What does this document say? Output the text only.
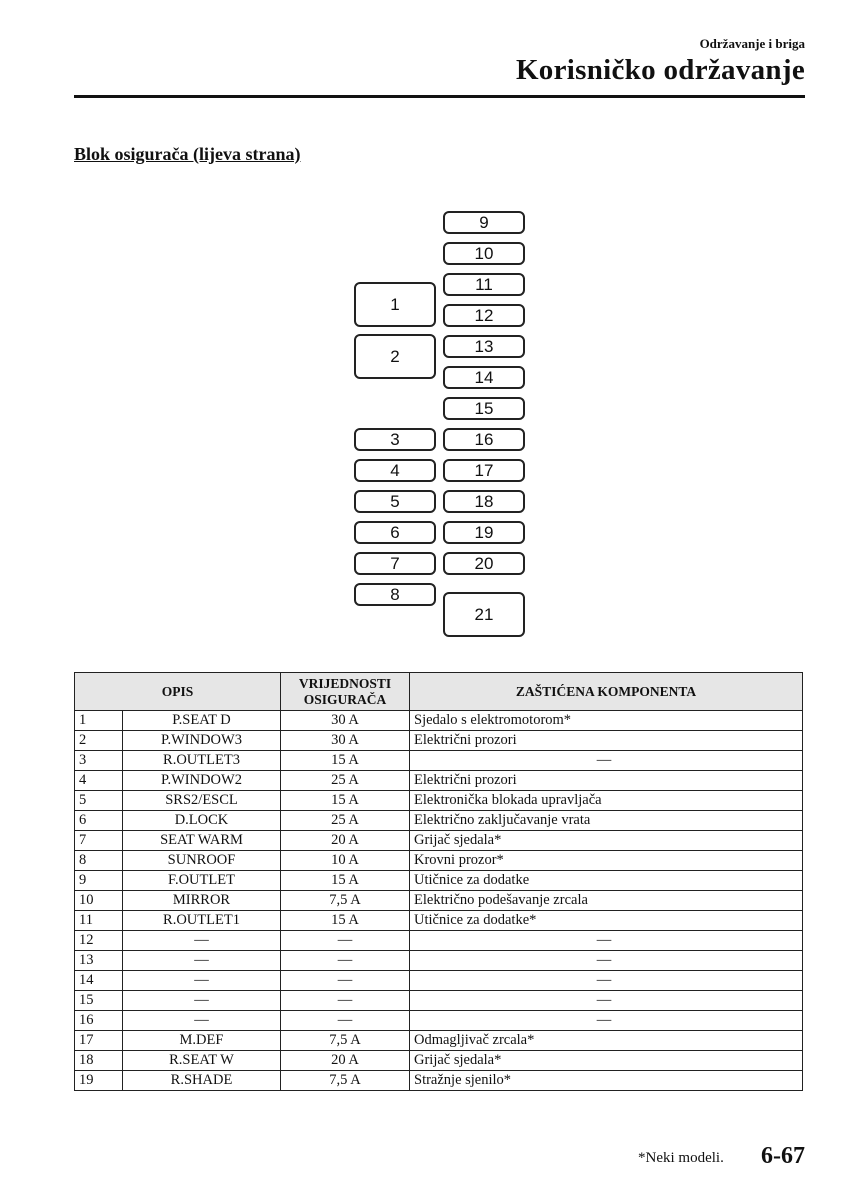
Održavanje i briga
Korisničko održavanje
Blok osigurača (lijeva strana)
1
2
3
4
5
6
7
8
9
10
11
12
13
14
15
16
17
18
19
20
21
OPIS		VRIJEDNOSTI
OSIGURAČA	ZAŠTIĆENA KOMPONENTA
1	P.SEAT D	30 A	Sjedalo s elektromotorom*
2	P.WINDOW3	30 A	Električni prozori
3	R.OUTLET3	15 A	—
4	P.WINDOW2	25 A	Električni prozori
5	SRS2/ESCL	15 A	Elektronička blokada upravljača
6	D.LOCK	25 A	Električno zaključavanje vrata
7	SEAT WARM	20 A	Grijač sjedala*
8	SUNROOF	10 A	Krovni prozor*
9	F.OUTLET	15 A	Utičnice za dodatke
10	MIRROR	7,5 A	Električno podešavanje zrcala
11	R.OUTLET1	15 A	Utičnice za dodatke*
12	—	—	—
13	—	—	—
14	—	—	—
15	—	—	—
16	—	—	—
17	M.DEF	7,5 A	Odmagljivač zrcala*
18	R.SEAT W	20 A	Grijač sjedala*
19	R.SHADE	7,5 A	Stražnje sjenilo*
*Neki modeli. 6-67
